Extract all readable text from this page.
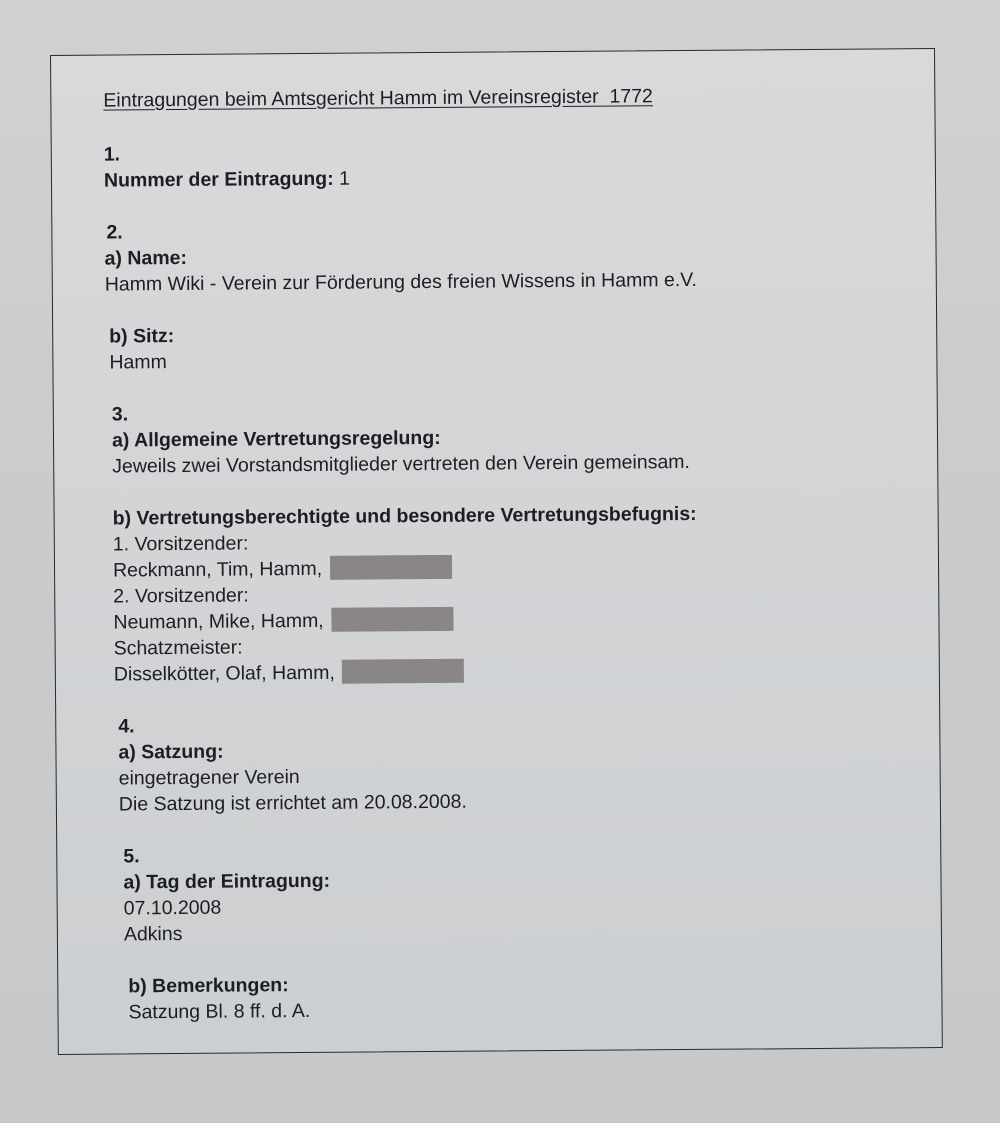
Eintragungen beim Amtsgericht Hamm im Vereinsregister  1772
1.
Nummer der Eintragung: 1
2.
a) Name:
Hamm Wiki - Verein zur Förderung des freien Wissens in Hamm e.V.
b) Sitz:
Hamm
3.
a) Allgemeine Vertretungsregelung:
Jeweils zwei Vorstandsmitglieder vertreten den Verein gemeinsam.
b) Vertretungsberechtigte und besondere Vertretungsbefugnis:
1. Vorsitzender:
Reckmann, Tim, Hamm,
2. Vorsitzender:
Neumann, Mike, Hamm,
Schatzmeister:
Disselkötter, Olaf, Hamm,
4.
a) Satzung:
eingetragener Verein
Die Satzung ist errichtet am 20.08.2008.
5.
a) Tag der Eintragung:
07.10.2008
Adkins
b) Bemerkungen:
Satzung Bl. 8 ff. d. A.
